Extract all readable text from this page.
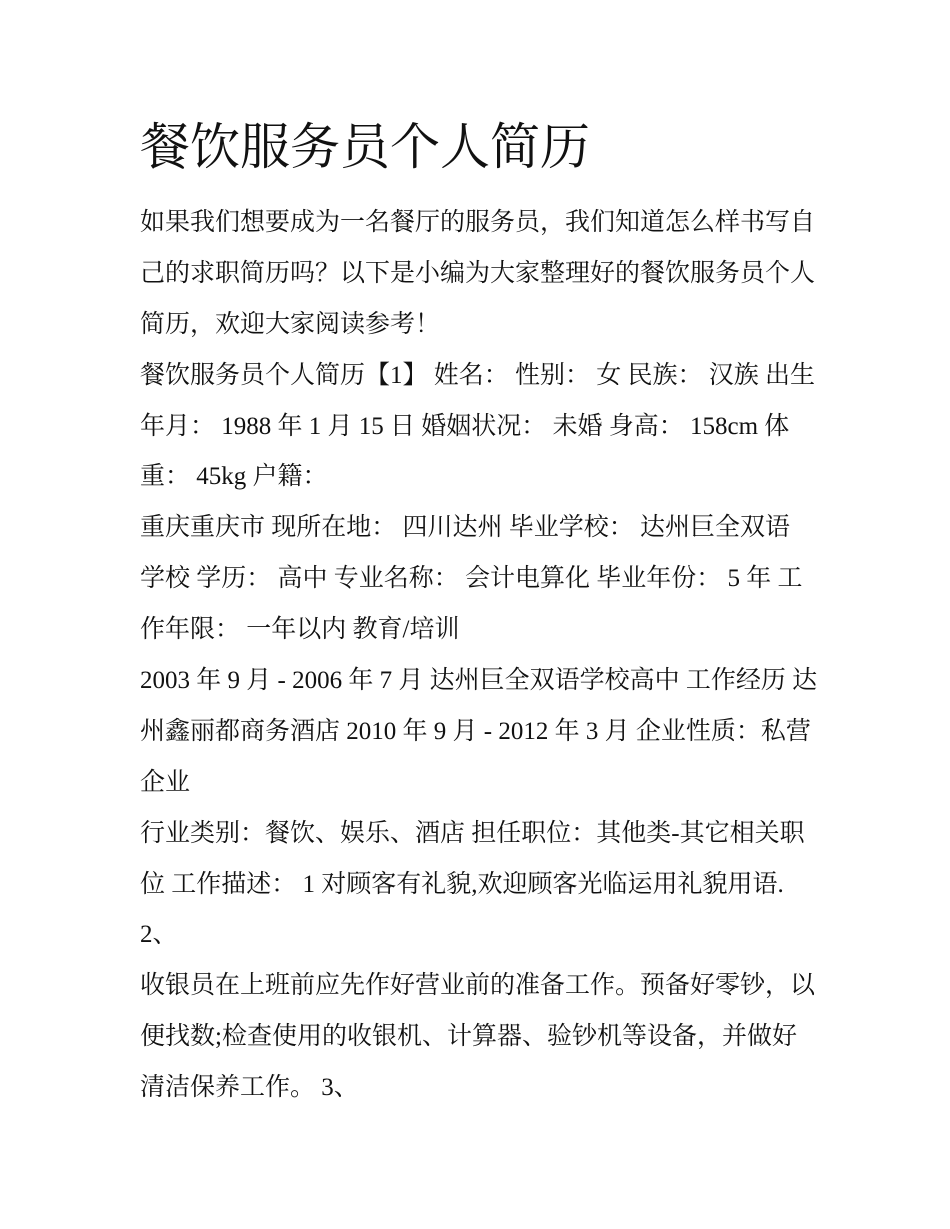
餐饮服务员个人简历
如果我们想要成为一名餐厅的服务员，我们知道怎么样书写自
己的求职简历吗？以下是小编为大家整理好的餐饮服务员个人
简历，欢迎大家阅读参考！
餐饮服务员个人简历【1】 姓名： 性别： 女 民族： 汉族 出生
年月： 1988 年 1 月 15 日 婚姻状况： 未婚 身高： 158cm 体
重： 45kg 户籍：
重庆重庆市 现所在地： 四川达州 毕业学校： 达州巨全双语
学校 学历： 高中 专业名称： 会计电算化 毕业年份： 5 年 工
作年限： 一年以内 教育/培训
2003 年 9 月 - 2006 年 7 月 达州巨全双语学校高中 工作经历 达
州鑫丽都商务酒店 2010 年 9 月 - 2012 年 3 月 企业性质：私营
企业
行业类别：餐饮、娱乐、酒店 担任职位：其他类-其它相关职
位 工作描述： 1 对顾客有礼貌,欢迎顾客光临运用礼貌用语.
2、
收银员在上班前应先作好营业前的准备工作。预备好零钞，以
便找数;检查使用的收银机、计算器、验钞机等设备，并做好
清洁保养工作。 3、
